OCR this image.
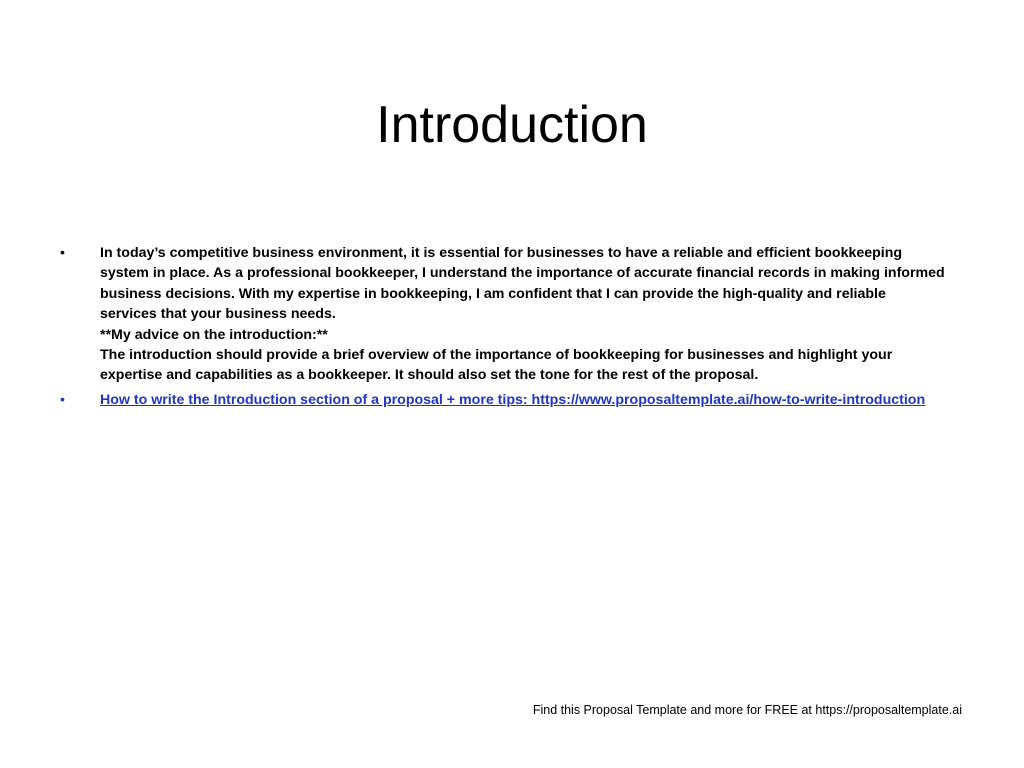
Introduction
• In today’s competitive business environment, it is essential for businesses to have a reliable and efficient bookkeeping system in place. As a professional bookkeeper, I understand the importance of accurate financial records in making informed business decisions. With my expertise in bookkeeping, I am confident that I can provide the high-quality and reliable services that your business needs.
**My advice on the introduction:**
The introduction should provide a brief overview of the importance of bookkeeping for businesses and highlight your expertise and capabilities as a bookkeeper. It should also set the tone for the rest of the proposal.
• How to write the Introduction section of a proposal + more tips: https://www.proposaltemplate.ai/how-to-write-introduction
Find this Proposal Template and more for FREE at https://proposaltemplate.ai
